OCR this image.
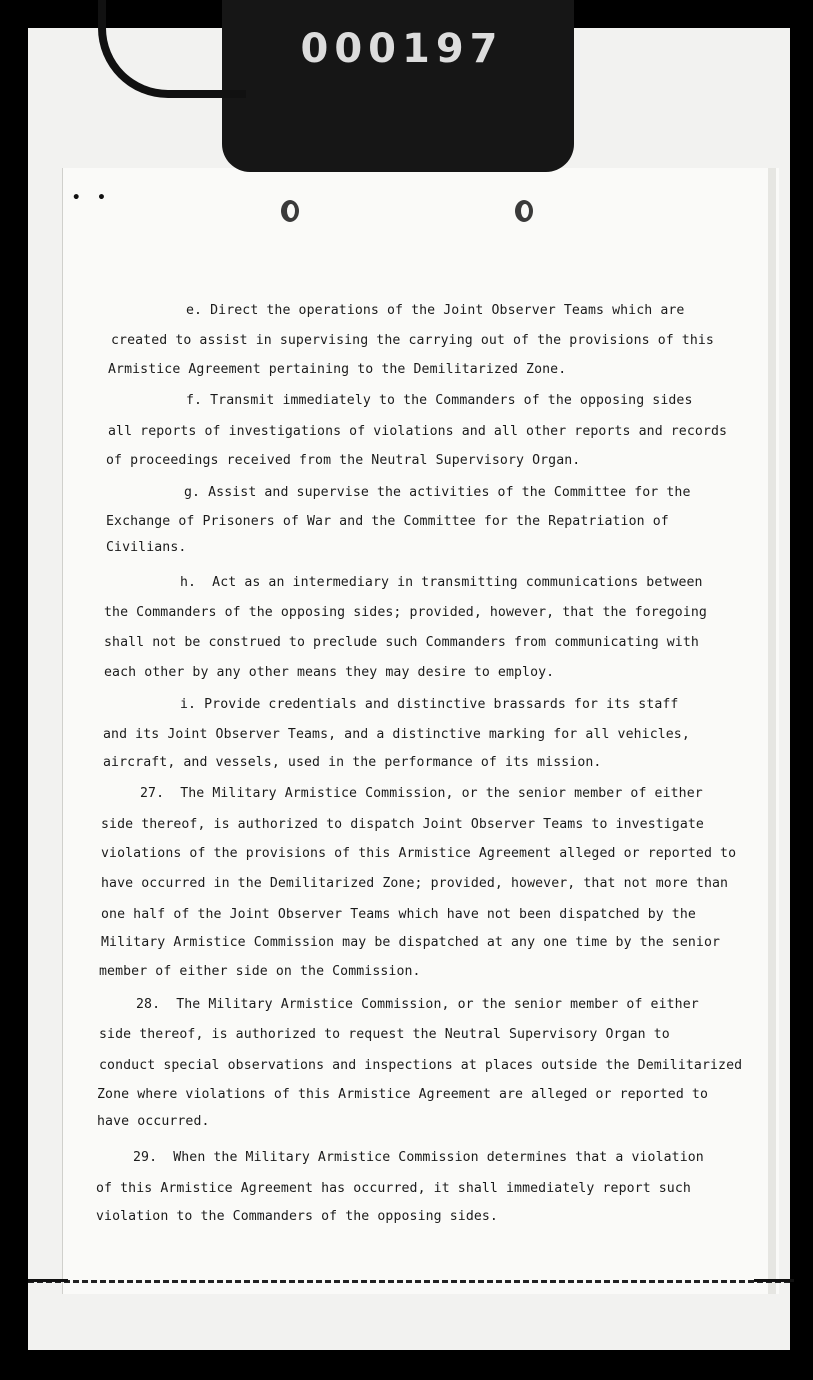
000197
•  •
e. Direct the operations of the Joint Observer Teams which are
created to assist in supervising the carrying out of the provisions of this
Armistice Agreement pertaining to the Demilitarized Zone.
f. Transmit immediately to the Commanders of the opposing sides
all reports of investigations of violations and all other reports and records
of proceedings received from the Neutral Supervisory Organ.
g. Assist and supervise the activities of the Committee for the
Exchange of Prisoners of War and the Committee for the Repatriation of
Civilians.
h.  Act as an intermediary in transmitting communications between
the Commanders of the opposing sides; provided, however, that the foregoing
shall not be construed to preclude such Commanders from communicating with
each other by any other means they may desire to employ.
i. Provide credentials and distinctive brassards for its staff
and its Joint Observer Teams, and a distinctive marking for all vehicles,
aircraft, and vessels, used in the performance of its mission.
27.  The Military Armistice Commission, or the senior member of either
side thereof, is authorized to dispatch Joint Observer Teams to investigate
violations of the provisions of this Armistice Agreement alleged or reported to
have occurred in the Demilitarized Zone; provided, however, that not more than
one half of the Joint Observer Teams which have not been dispatched by the
Military Armistice Commission may be dispatched at any one time by the senior
member of either side on the Commission.
28.  The Military Armistice Commission, or the senior member of either
side thereof, is authorized to request the Neutral Supervisory Organ to
conduct special observations and inspections at places outside the Demilitarized
Zone where violations of this Armistice Agreement are alleged or reported to
have occurred.
29.  When the Military Armistice Commission determines that a violation
of this Armistice Agreement has occurred, it shall immediately report such
violation to the Commanders of the opposing sides.
